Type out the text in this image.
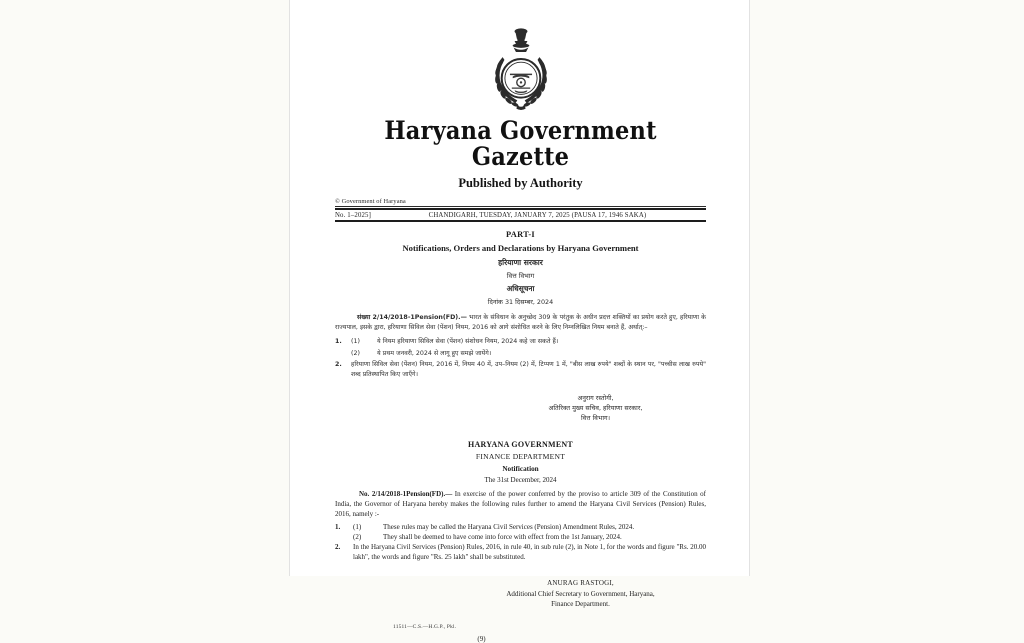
Haryana Government Gazette
Published by Authority
© Government of Haryana
No. 1–2025]	CHANDIGARH, TUESDAY, JANUARY 7, 2025 (PAUSA 17, 1946 SAKA)
PART-I
Notifications, Orders and Declarations by Haryana Government
हरियाणा सरकार
वित्त विभाग
अधिसूचना
दिनांक 31 दिसम्बर, 2024
संख्या 2/14/2018-1Pension(FD).— भारत के संविधान के अनुच्छेद 309 के परंतुक के अधीन प्रदत्त शक्तियों का प्रयोग करते हुए, हरियाणा के राज्यपाल, इसके द्वारा, हरियाणा सिविल सेवा (पेंशन) नियम, 2016 को आगे संशोधित करने के लिए निम्नलिखित नियम बनाते हैं, अर्थात्:–
1.	(1)	ये नियम हरियाणा सिविल सेवा (पेंशन) संशोधन नियम, 2024 कहे जा सकते हैं।
(2)	ये प्रथम जनवरी, 2024 से लागू हुए समझे जायेंगे।
2.	हरियाणा सिविल सेवा (पेंशन) नियम, 2016 में, नियम 40 में, उप–नियम (2) में, टिप्पण 1 में, "बीस लाख रुपये" शब्दों के स्थान पर, "पच्चीस लाख रुपये" शब्द प्रतिस्थापित किए जाएँगे।
अनुराग रस्तोगी,
अतिरिक्त मुख्य सचिव, हरियाणा सरकार,
वित्त विभाग।
HARYANA GOVERNMENT
FINANCE DEPARTMENT
Notification
The 31st December, 2024
No. 2/14/2018-1Pension(FD).— In exercise of the power conferred by the proviso to article 309 of the Constitution of India, the Governor of Haryana hereby makes the following rules further to amend the Haryana Civil Services (Pension) Rules, 2016, namely :-
1.	(1)	These rules may be called the Haryana Civil Services (Pension) Amendment Rules, 2024.
(2)	They shall be deemed to have come into force with effect from the 1st January, 2024.
2.	In the Haryana Civil Services (Pension) Rules, 2016, in rule 40, in sub rule (2), in Note 1, for the words and figure "Rs. 20.00 lakh", the words and figure "Rs. 25 lakh" shall be substituted.
ANURAG RASTOGI,
Additional Chief Secretary to Government, Haryana,
Finance Department.
11511—C.S.—H.G.P., Pkl.
(9)
